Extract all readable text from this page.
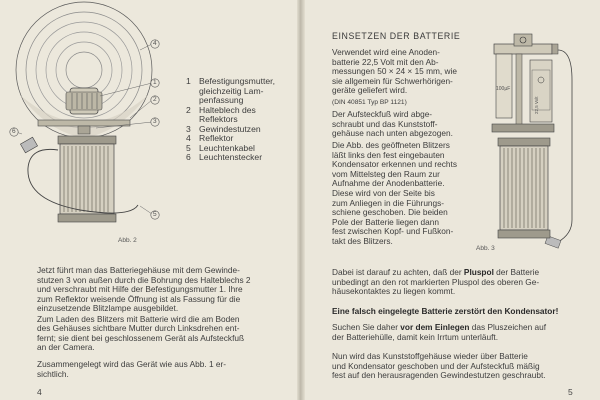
4
1
2
3
5
6
Abb. 2
1 Befestigungsmutter,
gleichzeitig Lam-
penfassung
2 Halteblech des
Reflektors
3 Gewindestutzen
4 Reflektor
5 Leuchtenkabel
6 Leuchtenstecker

Jetzt führt man das Batteriegehäuse mit dem Gewinde-

stutzen 3 von außen durch die Bohrung des Halteblechs 2

und verschraubt mit Hilfe der Befestigungsmutter 1. Ihre

zum Reflektor weisende Öffnung ist als Fassung für die

einzusetzende Blitzlampe ausgebildet.

Zum Laden des Blitzers mit Batterie wird die am Boden

des Gehäuses sichtbare Mutter durch Linksdrehen ent-

fernt; sie dient bei geschlossenem Gerät als Aufsteckfuß

an der Camera.

Zusammengelegt wird das Gerät wie aus Abb. 1 er-

sichtlich.

4
EINSETZEN DER BATTERIE

Verwendet wird eine Anoden-

batterie 22,5 Volt mit den Ab-

messungen 50 × 24 × 15 mm, wie

sie allgemein für Schwerhörigen-

geräte geliefert wird.

(DIN 40851 Typ BP 1121)

Der Aufsteckfuß wird abge-

schraubt und das Kunststoff-

gehäuse nach unten abgezogen.

Die Abb. des geöffneten Blitzers

läßt links den fest eingebauten

Kondensator erkennen und rechts

vom Mittelsteg den Raum zur

Aufnahme der Anodenbatterie.

Diese wird von der Seite bis

zum Anliegen in die Führungs-

schiene geschoben. Die beiden

Pole der Batterie liegen dann

fest zwischen Kopf- und Fußkon-

takt des Blitzers.

100µF
22,5 Volt
Abb. 3

Dabei ist darauf zu achten, daß der Pluspol der Batterie

unbedingt an den rot markierten Pluspol des oberen Ge-

häusekontaktes zu liegen kommt.

Eine falsch eingelegte Batterie zerstört den Kondensator!

Suchen Sie daher vor dem Einlegen das Pluszeichen auf

der Batteriehülle, damit kein Irrtum unterläuft.

Nun wird das Kunststoffgehäuse wieder über Batterie

und Kondensator geschoben und der Aufsteckfuß mäßig

fest auf den herausragenden Gewindestutzen geschraubt.

5
